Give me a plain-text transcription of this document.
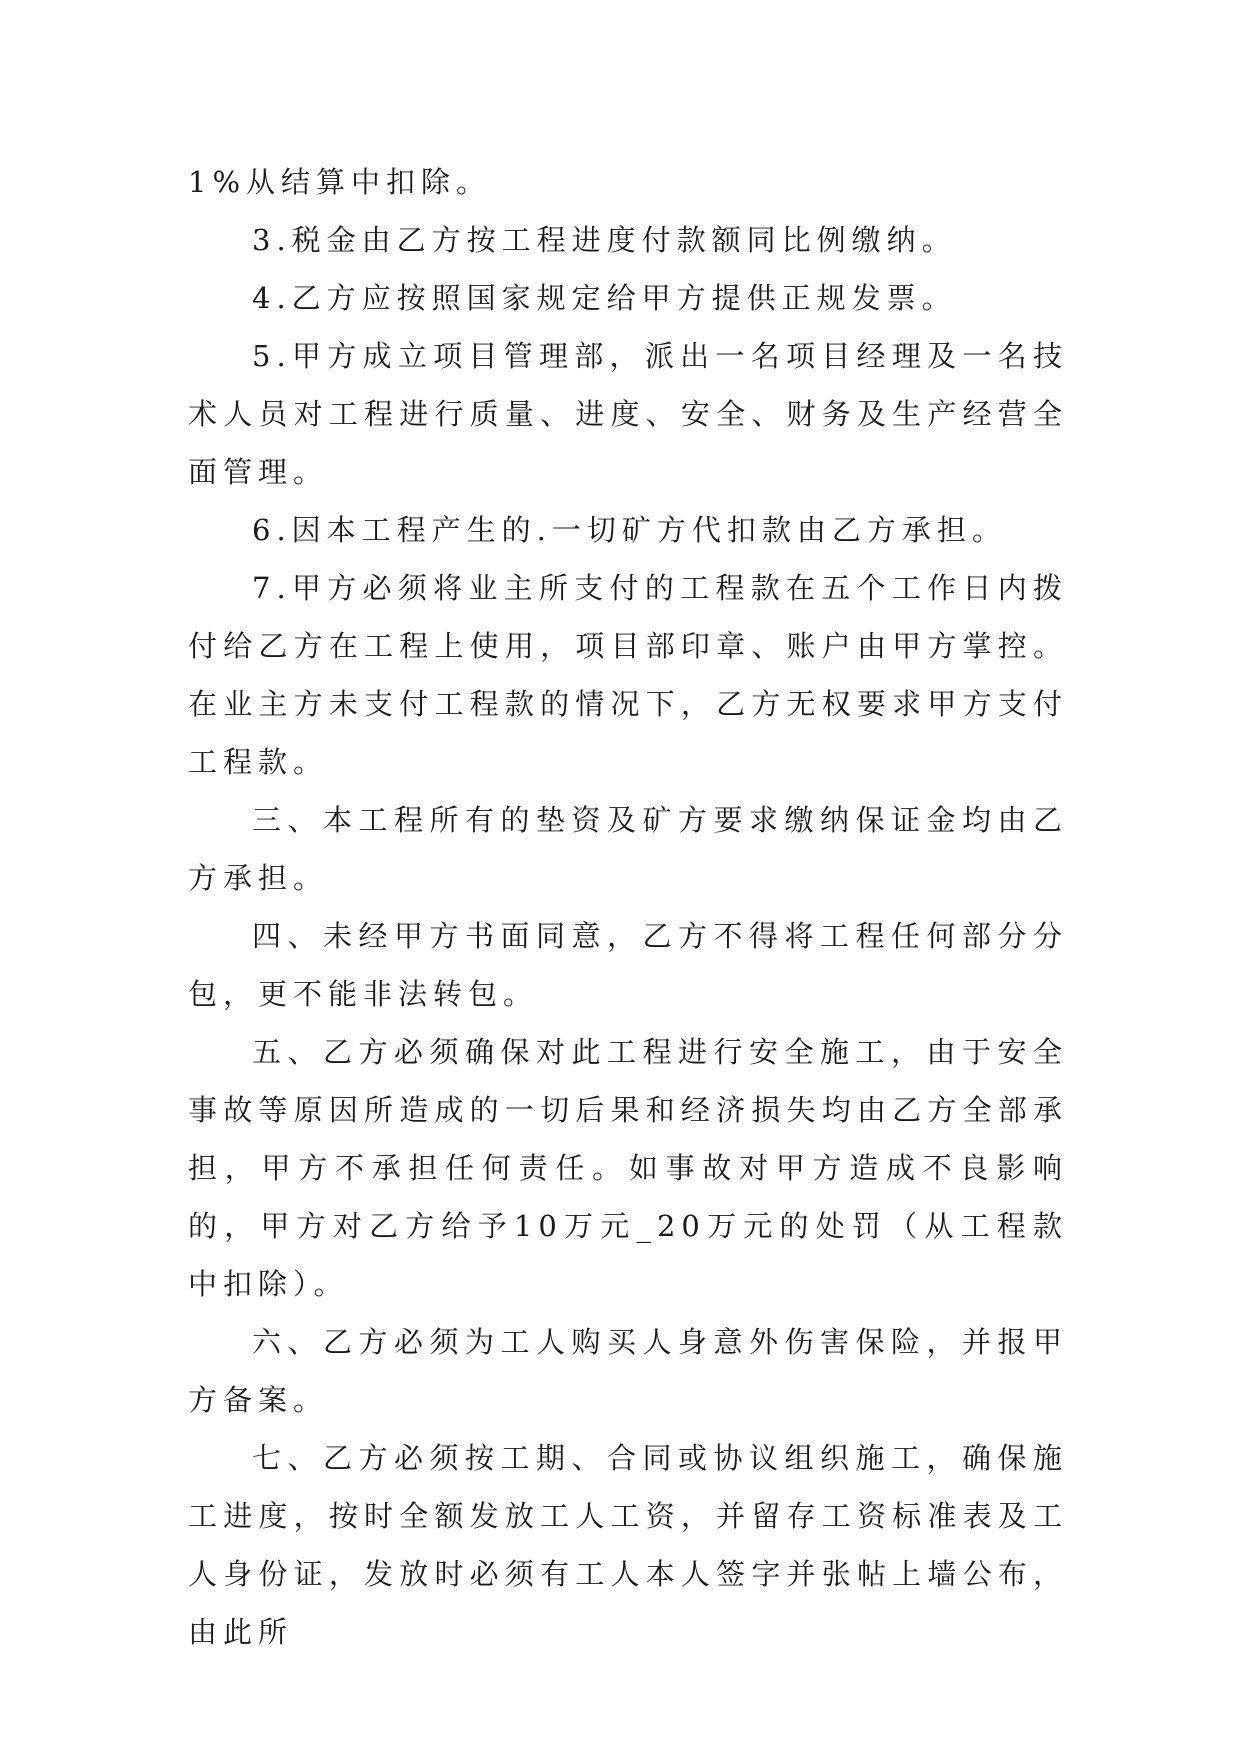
1%从结算中扣除。

3.税金由乙方按工程进度付款额同比例缴纳。

4.乙方应按照国家规定给甲方提供正规发票。

5.甲方成立项目管理部，派出一名项目经理及一名技术人员对工程进行质量、进度、安全、财务及生产经营全面管理。

6.因本工程产生的.一切矿方代扣款由乙方承担。

7.甲方必须将业主所支付的工程款在五个工作日内拨付给乙方在工程上使用，项目部印章、账户由甲方掌控。在业主方未支付工程款的情况下，乙方无权要求甲方支付工程款。

三、本工程所有的垫资及矿方要求缴纳保证金均由乙方承担。

四、未经甲方书面同意，乙方不得将工程任何部分分包，更不能非法转包。

五、乙方必须确保对此工程进行安全施工，由于安全事故等原因所造成的一切后果和经济损失均由乙方全部承担，甲方不承担任何责任。如事故对甲方造成不良影响的，甲方对乙方给予10万元_20万元的处罚（从工程款中扣除）。

六、乙方必须为工人购买人身意外伤害保险，并报甲方备案。

七、乙方必须按工期、合同或协议组织施工，确保施工进度，按时全额发放工人工资，并留存工资标准表及工人身份证，发放时必须有工人本人签字并张帖上墙公布，由此所
